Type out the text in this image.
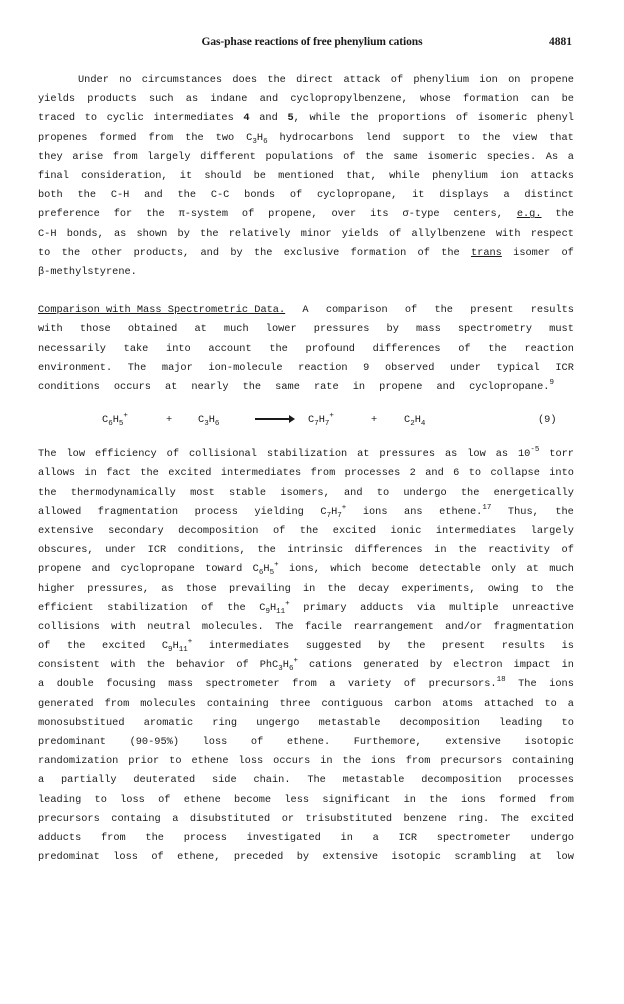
Gas-phase reactions of free phenylium cations	4881
Under no circumstances does the direct attack of phenylium ion on propene
yields products such as indane and cyclopropylbenzene, whose formation can be
traced to cyclic intermediates 4 and 5, while the proportions of isomeric phenyl
propenes formed from the two $C_3H_6$ hydrocarbons lend support to the view that
they arise from largely different populations of the same isomeric species. As a
final consideration, it should be mentioned that, while phenylium ion attacks
both the C-H and the C-C bonds of cyclopropane, it displays a distinct
preference for the π-system of propene, over its σ-type centers, e.g. the
C-H bonds, as shown by the relatively minor yields of allylbenzene with respect
to the other products, and by the exclusive formation of the trans isomer of
β-methylstyrene.
Comparison with Mass Spectrometric Data. A comparison of the present results
with those obtained at much lower pressures by mass spectrometry must
necessarily take into account the profound differences of the reaction
environment. The major ion-molecule reaction 9 observed under typical ICR
conditions occurs at nearly the same rate in propene and cyclopropane.$^9$
$C_6H_5^+$	+	$C_3H_6$	$C_7H_7^+$	+	$C_2H_4$	(9)
The low efficiency of collisional stabilization at pressures as low as $10^{-5}$ torr
allows in fact the excited intermediates from processes 2 and 6 to collapse into
the thermodynamically most stable isomers, and to undergo the energetically
allowed fragmentation process yielding $C_7H_7^+$ ions ans ethene.$^{17}$ Thus, the
extensive secondary decomposition of the excited ionic intermediates largely
obscures, under ICR conditions, the intrinsic differences in the reactivity of
propene and cyclopropane toward $C_6H_5^+$ ions, which become detectable only at much
higher pressures, as those prevailing in the decay experiments, owing to the
efficient stabilization of the $C_9H_{11}^+$ primary adducts via multiple unreactive
collisions with neutral molecules. The facile rearrangement and/or fragmentation
of the excited $C_9H_{11}^+$ intermediates suggested by the present results is
consistent with the behavior of $PhC_3H_6^+$ cations generated by electron impact in
a double focusing mass spectrometer from a variety of precursors.$^{18}$ The ions
generated from molecules containing three contiguous carbon atoms attached to a
monosubstitued aromatic ring ungergo metastable decomposition leading to
predominant (90-95%) loss of ethene. Furthemore, extensive isotopic
randomization prior to ethene loss occurs in the ions from precursors containing
a partially deuterated side chain. The metastable decomposition processes
leading to loss of ethene become less significant in the ions formed from
precursors containg a disubstituted or trisubstituted benzene ring. The excited
adducts from the process investigated in a ICR spectrometer undergo
predominat loss of ethene, preceded by extensive isotopic scrambling at low
